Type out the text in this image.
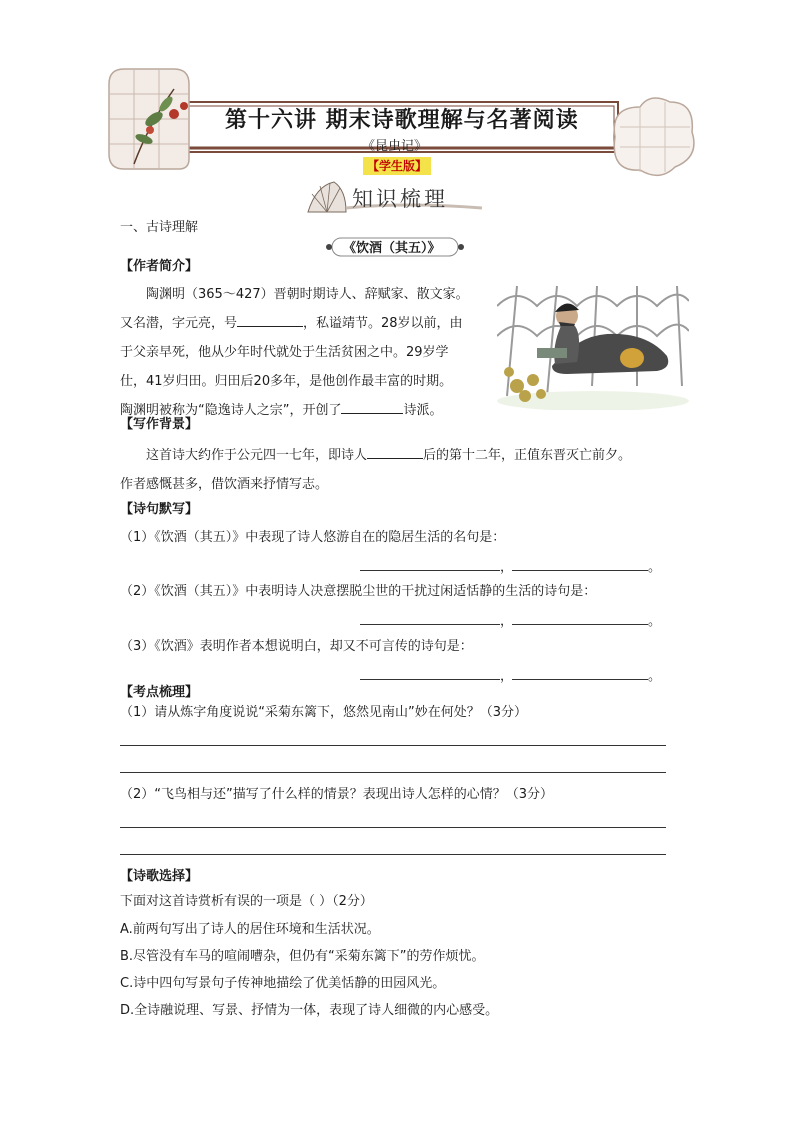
第十六讲 期末诗歌理解与名著阅读
《昆虫记》
【学生版】
知识梳理
一、古诗理解
《饮酒（其五）》
【作者简介】
陶渊明（365～427）晋朝时期诗人、辞赋家、散文家。
又名潜，字元亮，号	，私谥靖节。28岁以前，由
于父亲早死，他从少年时代就处于生活贫困之中。29岁学
仕，41岁归田。归田后20多年，是他创作最丰富的时期。
陶渊明被称为“隐逸诗人之宗”，开创了	诗派。
【写作背景】
这首诗大约作于公元四一七年，即诗人	后的第十二年，正值东晋灭亡前夕。
作者感慨甚多，借饮酒来抒情写志。
【诗句默写】
（1）《饮酒（其五）》中表现了诗人悠游自在的隐居生活的名句是：
，	。
（2）《饮酒（其五）》中表明诗人决意摆脱尘世的干扰过闲适恬静的生活的诗句是：
，	。
（3）《饮酒》表明作者本想说明白，却又不可言传的诗句是：
，	。
【考点梳理】
（1）请从炼字角度说说“采菊东篱下，悠然见南山”妙在何处？（3分）
（2）“飞鸟相与还”描写了什么样的情景？表现出诗人怎样的心情？（3分）
【诗歌选择】
下面对这首诗赏析有误的一项是（ ）（2分）
A.前两句写出了诗人的居住环境和生活状况。
B.尽管没有车马的喧闹嘈杂，但仍有“采菊东篱下”的劳作烦忧。
C.诗中四句写景句子传神地描绘了优美恬静的田园风光。
D.全诗融说理、写景、抒情为一体，表现了诗人细微的内心感受。
